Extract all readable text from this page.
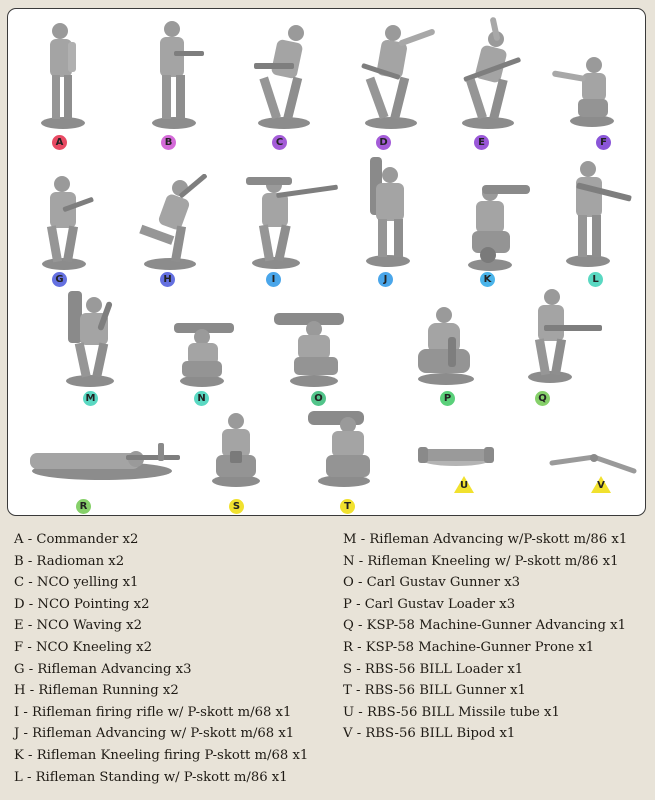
A	B	C	D	E	F
G	H	I	J	K	L
M	N	O	P	Q
R	S	T
U	V
A - Commander x2
B - Radioman x2
C - NCO yelling x1
D - NCO Pointing x2
E - NCO Waving x2
F - NCO Kneeling x2
G - Rifleman Advancing x3
H - Rifleman Running x2
I - Rifleman firing rifle w/ P-skott m/68 x1
J - Rifleman Advancing w/ P-skott m/68 x1
K - Rifleman Kneeling firing P-skott m/68 x1
L - Rifleman Standing w/ P-skott m/86 x1
M - Rifleman Advancing w/P-skott m/86 x1
N - Rifleman Kneeling w/ P-skott m/86 x1
O - Carl Gustav Gunner x3
P - Carl Gustav Loader x3
Q - KSP-58 Machine-Gunner Advancing x1
R - KSP-58 Machine-Gunner Prone x1
S - RBS-56 BILL Loader x1
T - RBS-56 BILL Gunner x1
U - RBS-56 BILL Missile tube x1
V - RBS-56 BILL Bipod x1
